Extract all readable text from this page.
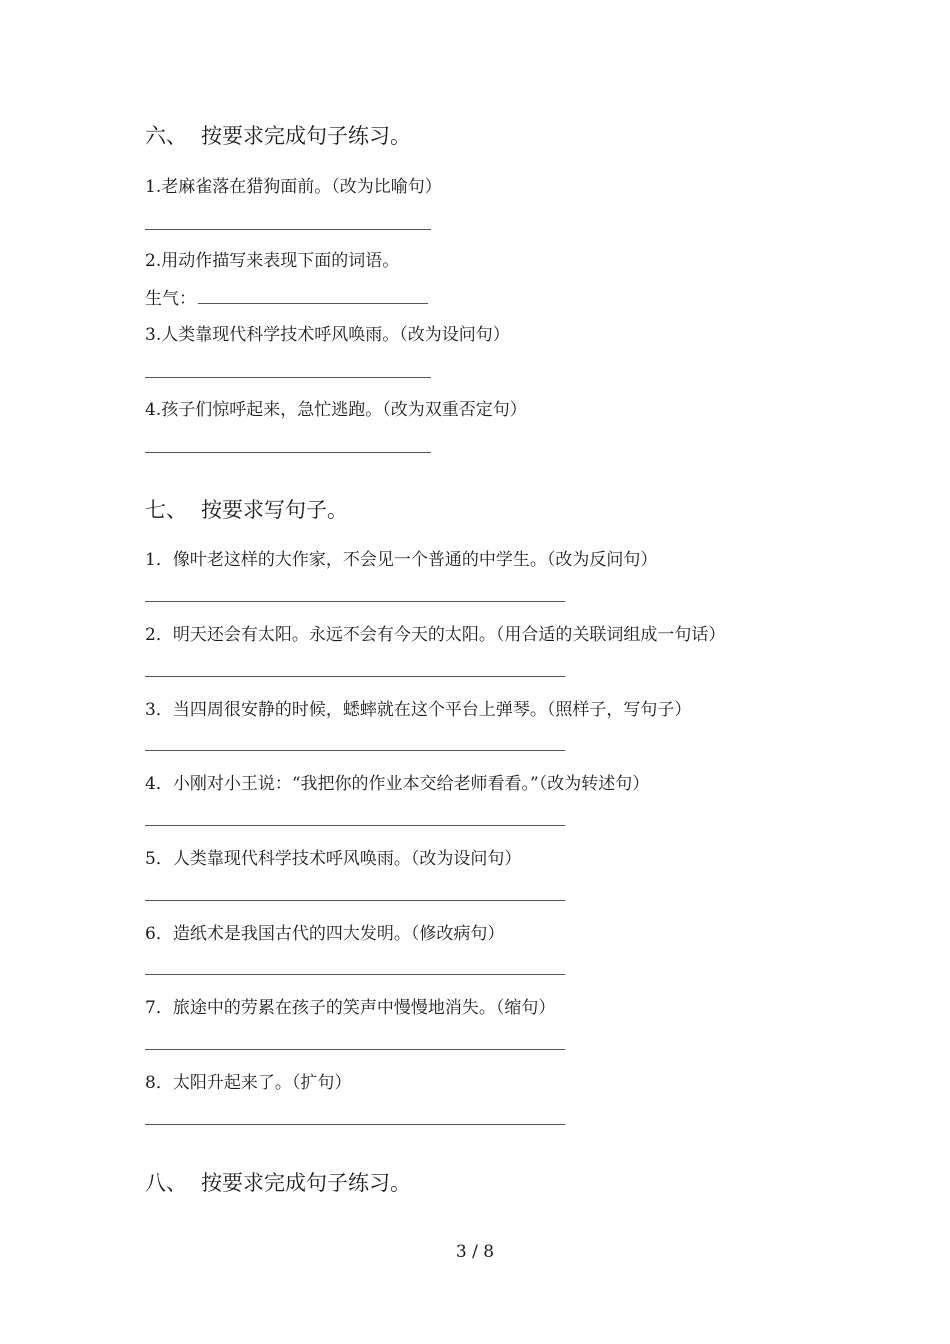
六、 按要求完成句子练习。
1.老麻雀落在猎狗面前。（改为比喻句）
2.用动作描写来表现下面的词语。
生气：
3.人类靠现代科学技术呼风唤雨。（改为设问句）
4.孩子们惊呼起来，急忙逃跑。（改为双重否定句）
七、 按要求写句子。
1．像叶老这样的大作家，不会见一个普通的中学生。（改为反问句）
2．明天还会有太阳。永远不会有今天的太阳。（用合适的关联词组成一句话）
3．当四周很安静的时候，蟋蟀就在这个平台上弹琴。（照样子，写句子）
4．小刚对小王说：“我把你的作业本交给老师看看。”（改为转述句）
5．人类靠现代科学技术呼风唤雨。（改为设问句）
6．造纸术是我国古代的四大发明。（修改病句）
7．旅途中的劳累在孩子的笑声中慢慢地消失。（缩句）
8．太阳升起来了。（扩句）
八、 按要求完成句子练习。
3 / 8
